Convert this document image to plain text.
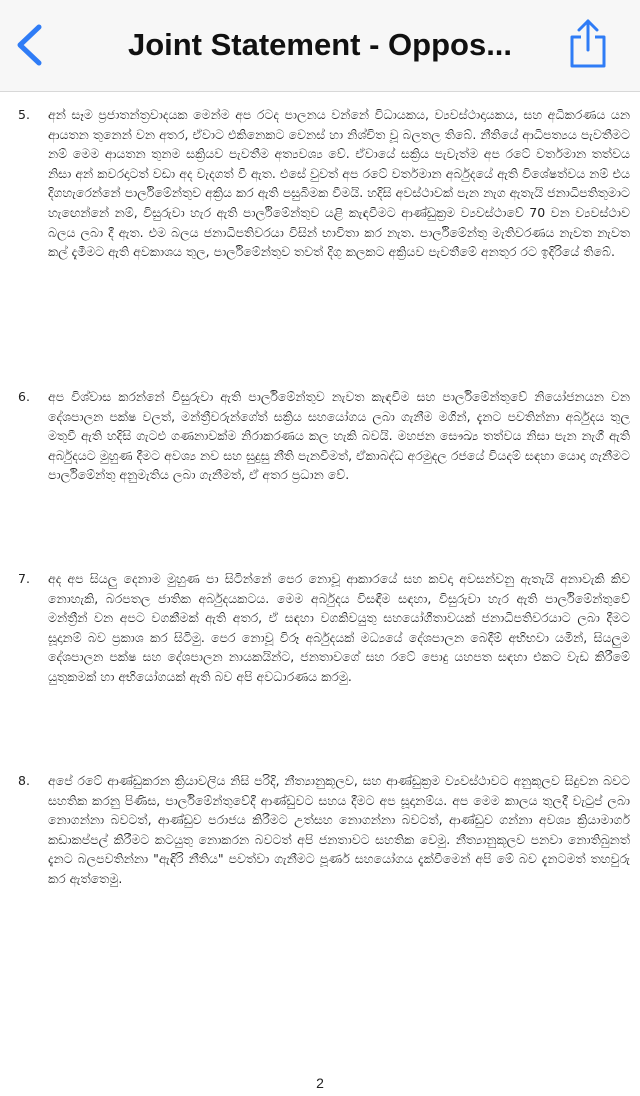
Joint Statement - Oppos...
5.	අන් සෑම ප්‍රජාතන්ත්‍රවාදයක මෙන්ම අප රටද පාලනය වන්නේ විධායකය, ව්‍යවස්ථාදායකය, සහ අධිකරණය යන ආයතන තුනෙන් වන අතර, ඒවාට එකිනෙකට වෙනස් හා නිශ්චිත වූ බලතල තිබේ. නීතියේ ආධිපත්‍යය පැවතීමට නම් මෙම ආයතන තුනම සක්‍රියව පැවතීම අත්‍යවශ්‍ය වේ. ඒවායේ සක්‍රිය පැවැත්ම අප රටේ වර්තමාන තත්වය නිසා අන් කවරදාටත් වඩා අද වැදගත් වී ඇත. එසේ වුවත් අප රටේ වර්තමාන අර්බුදයේ ඇති විශේෂත්වය නම් එය දිගහැරෙන්නේ පාර්ලිමේන්තුව අක්‍රිය කර ඇති පසුබිමක වීමයි. හදිසි අවස්ථාවක් පැන නැග ඇතැයි ජනාධිපතිතුමාට හැඟෙන්නේ නම්, විසුරුවා හැර ඇති පාර්ලිමේන්තුව යළි කැඳවීමට ආණ්ඩුක්‍රම ව්‍යවස්ථාවේ 70 වන ව්‍යවස්ථාව බලය ලබා දී ඇත. එම බලය ජනාධිපතිවරයා විසින් භාවිතා කර නැත. පාර්ලිමේන්තු මැතිවරණය නැවත නැවත කල් දැමීමට ඇති අවකාශය තුල, පාර්ලිමේන්තුව තවත් දිගු කලකට අක්‍රියව පැවතීමේ අනතුර රට ඉදිරියේ තිබේ.
6.	අප විශ්වාස කරන්නේ විසුරුවා ඇති පාර්ලිමේන්තුව නැවත කැඳවීම සහ පාර්ලිමේන්තුවේ නියෝජනයන වන දේශපාලන පක්ෂ වලත්, මන්ත්‍රීවරුන්ගේත් සක්‍රිය සහයෝගය ලබා ගැනීම මගින්, දැනට පවතින්නා අර්බුදය තුල මතුවී ඇති හදිසි ගැටළු ගණනාවක්ම නිරාකරණය කල හැකි බවයි. මහජන සෞඛ්‍ය තත්වය නිසා පැන නැගී ඇති අර්බුදයට මුහුණ දීමට අවශ්‍ය නව සහ සුදුසු නීති පැනවීමත්, ඒකාබද්ධ අරමුදල රජයේ වියදම් සඳහා යොදා ගැනීමට පාර්ලිමේන්තු අනුමැතිය ලබා ගැනීමත්, ඒ අතර ප්‍රධාන වේ.
7.	අද අප සියලු දෙනාම මුහුණ පා සිටින්නේ පෙර නොවූ ආකාරයේ සහ කවදා අවසන්වනු ඇතැයි අනාවැකි කිව නොහැකි, බරපතල ජාතික අර්බුදයකටය. මෙම අර්බුදය විසඳීම සඳහා, විසුරුවා හැර ඇති පාර්ලිමේන්තුවේ මන්ත්‍රීන් වන අපට වගකීමක් ඇති අතර, ඒ සඳහා වගකිවයුතු සහයෝගීතාවයක් ජනාධිපතිවරයාට ලබා දීමට සූදානම් බව ප්‍රකාශ කර සිටිමු. පෙර නොවූ විරූ අර්බුදයක් මධ්‍යයේ දේශපාලන බෙදීම් අභිභවා යමින්, සියලුම දේශපාලන පක්ෂ සහ දේශපාලන නායකයින්ට, ජනතාවගේ සහ රටේ පොදු යහපත සඳහා එකට වැඩ කිරීමේ යුතුකමක් හා අභියෝගයක් ඇති බව අපි අවධාරණය කරමු.
8.	අපේ රටේ ආණ්ඩුකරන ක්‍රියාවලිය නිසි පරිදි, නීත්‍යානුකූලව, සහ ආණ්ඩුක්‍රම ව්‍යවස්ථාවට අනුකූලව සිදුවන බවට සහතික කරනු පිණිස, පාර්ලිමේන්තුවේදී ආණ්ඩුවට සහය දීමට අප සූදානම්ය. අප මෙම කාලය තුලදී වැටුප් ලබා නොගන්නා බවටත්, ආණ්ඩුව පරාජය කිරීමට උත්සහ නොගන්නා බවටත්, ආණ්ඩුව ගන්නා අවශ්‍ය ක්‍රියාමාර්ග කඩාකප්පල් කිරීමට කටයුතු නොකරන බවටත් අපි ජනතාවට සහතික වෙමු. නීත්‍යානුකූලව පනවා නොතිබුනත් දැනට බලපවතින්නා "ඇඳිරි නීතිය" පවත්වා ගැනීමට පූර්ණ සහයෝගය දැක්වීමෙන් අපි මේ බව දැනටමත් තහවුරු කර ඇත්තෙමු.
2
